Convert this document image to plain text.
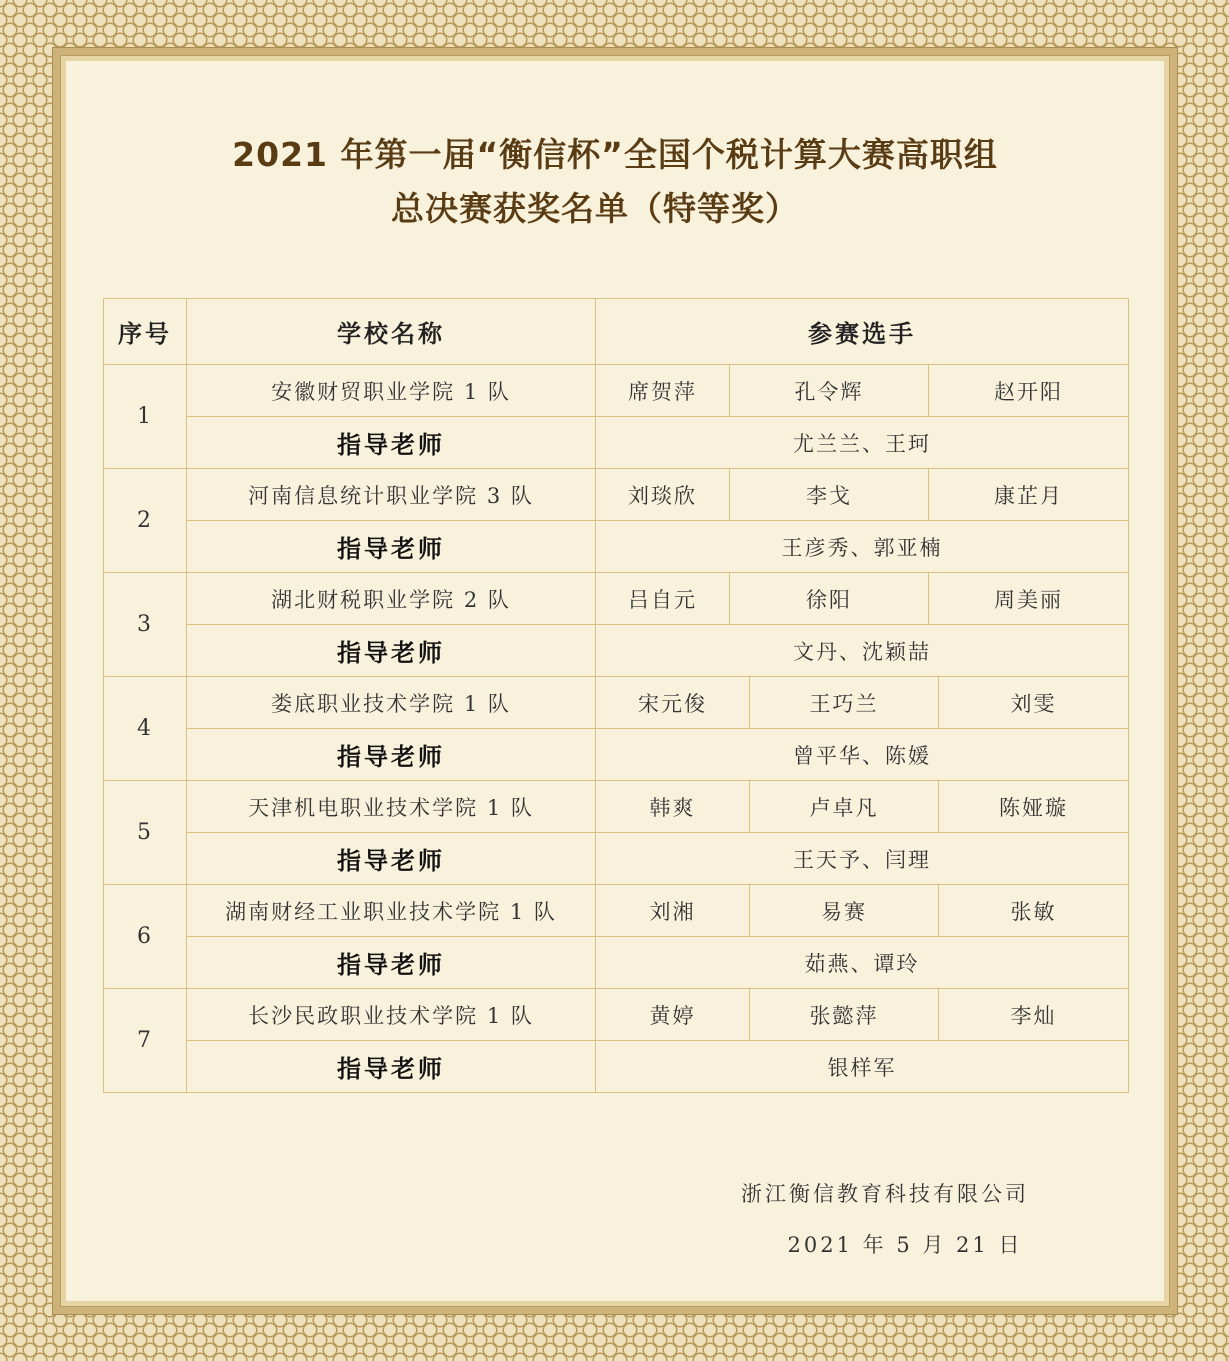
2021 年第一届“衡信杯”全国个税计算大赛高职组
总决赛获奖名单（特等奖）
序号	学校名称	参赛选手
1	安徽财贸职业学院 1 队	席贺萍 孔令辉 赵开阳

	指导老师	尤兰兰、王珂
2	河南信息统计职业学院 3 队	刘琰欣 李戈 康芷月

	指导老师	王彦秀、郭亚楠
3	湖北财税职业学院 2 队	吕自元 徐阳 周美丽

	指导老师	文丹、沈颖喆
4	娄底职业技术学院 1 队	宋元俊 王巧兰 刘雯

	指导老师	曾平华、陈媛
5	天津机电职业技术学院 1 队	韩爽 卢卓凡 陈娅璇

	指导老师	王天予、闫理
6	湖南财经工业职业技术学院 1 队	刘湘 易赛 张敏

	指导老师	茹燕、谭玲
7	长沙民政职业技术学院 1 队	黄婷 张懿萍 李灿

	指导老师	银样军
浙江衡信教育科技有限公司
2021 年 5 月 21 日
